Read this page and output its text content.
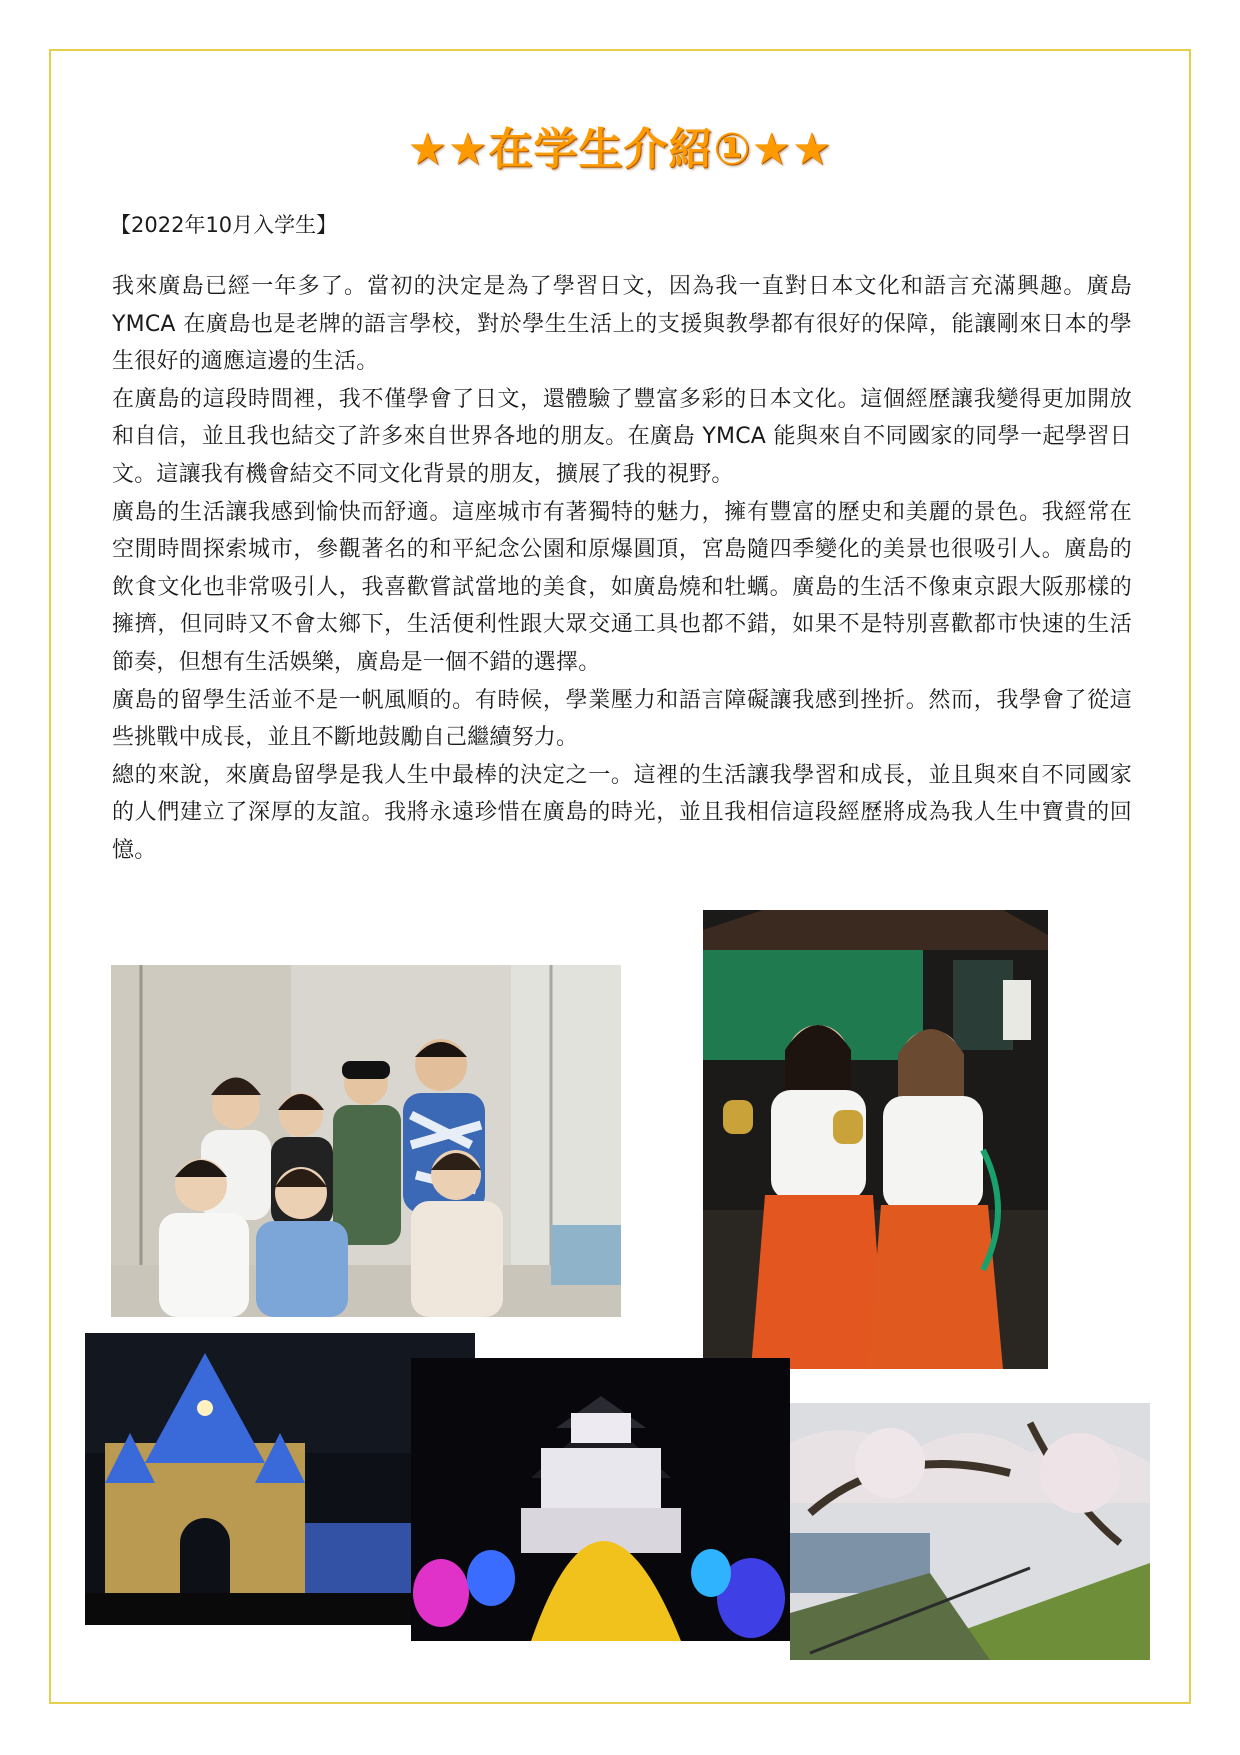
★★在学生介紹①★★
【2022年10月入学生】

我來廣島已經一年多了。當初的決定是為了學習日文，因為我一直對日本文化和語言充滿興趣。廣島 YMCA 在廣島也是老牌的語言學校，對於學生生活上的支援與教學都有很好的保障，能讓剛來日本的學生很好的適應這邊的生活。

在廣島的這段時間裡，我不僅學會了日文，還體驗了豐富多彩的日本文化。這個經歷讓我變得更加開放和自信，並且我也結交了許多來自世界各地的朋友。在廣島 YMCA 能與來自不同國家的同學一起學習日文。這讓我有機會結交不同文化背景的朋友，擴展了我的視野。

廣島的生活讓我感到愉快而舒適。這座城市有著獨特的魅力，擁有豐富的歷史和美麗的景色。我經常在空閒時間探索城市，參觀著名的和平紀念公園和原爆圓頂，宮島隨四季變化的美景也很吸引人。廣島的飲食文化也非常吸引人，我喜歡嘗試當地的美食，如廣島燒和牡蠣。廣島的生活不像東京跟大阪那樣的擁擠，但同時又不會太鄉下，生活便利性跟大眾交通工具也都不錯，如果不是特別喜歡都市快速的生活節奏，但想有生活娛樂，廣島是一個不錯的選擇。

廣島的留學生活並不是一帆風順的。有時候，學業壓力和語言障礙讓我感到挫折。然而，我學會了從這些挑戰中成長，並且不斷地鼓勵自己繼續努力。

總的來說，來廣島留學是我人生中最棒的決定之一。這裡的生活讓我學習和成長，並且與來自不同國家的人們建立了深厚的友誼。我將永遠珍惜在廣島的時光，並且我相信這段經歷將成為我人生中寶貴的回憶。
